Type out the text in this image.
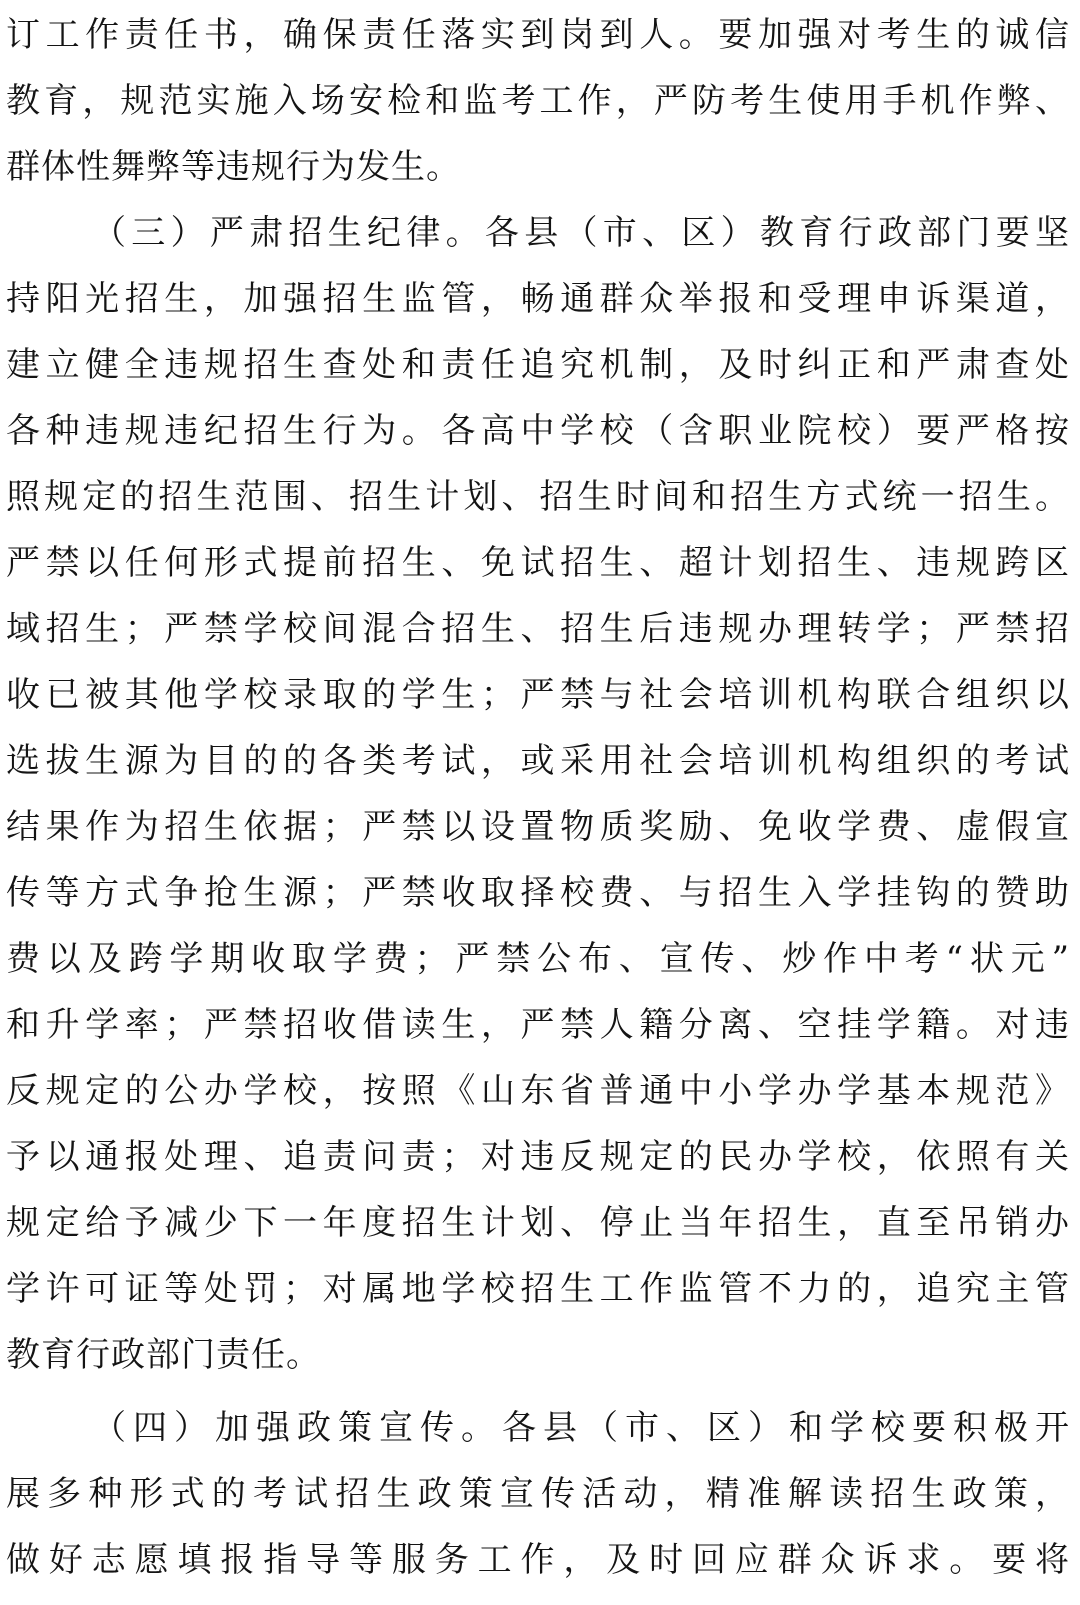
订工作责任书，确保责任落实到岗到人。要加强对考生的诚信
教育，规范实施入场安检和监考工作，严防考生使用手机作弊、
群体性舞弊等违规行为发生。
（三）严肃招生纪律。各县（市、区）教育行政部门要坚
持阳光招生，加强招生监管，畅通群众举报和受理申诉渠道，
建立健全违规招生查处和责任追究机制，及时纠正和严肃查处
各种违规违纪招生行为。各高中学校（含职业院校）要严格按
照规定的招生范围、招生计划、招生时间和招生方式统一招生。
严禁以任何形式提前招生、免试招生、超计划招生、违规跨区
域招生；严禁学校间混合招生、招生后违规办理转学；严禁招
收已被其他学校录取的学生；严禁与社会培训机构联合组织以
选拔生源为目的的各类考试，或采用社会培训机构组织的考试
结果作为招生依据；严禁以设置物质奖励、免收学费、虚假宣
传等方式争抢生源；严禁收取择校费、与招生入学挂钩的赞助
费以及跨学期收取学费；严禁公布、宣传、炒作中考“状元”
和升学率；严禁招收借读生，严禁人籍分离、空挂学籍。对违
反规定的公办学校，按照《山东省普通中小学办学基本规范》
予以通报处理、追责问责；对违反规定的民办学校，依照有关
规定给予减少下一年度招生计划、停止当年招生，直至吊销办
学许可证等处罚；对属地学校招生工作监管不力的，追究主管
教育行政部门责任。
（四）加强政策宣传。各县（市、区）和学校要积极开
展多种形式的考试招生政策宣传活动，精准解读招生政策，
做好志愿填报指导等服务工作，及时回应群众诉求。要将
